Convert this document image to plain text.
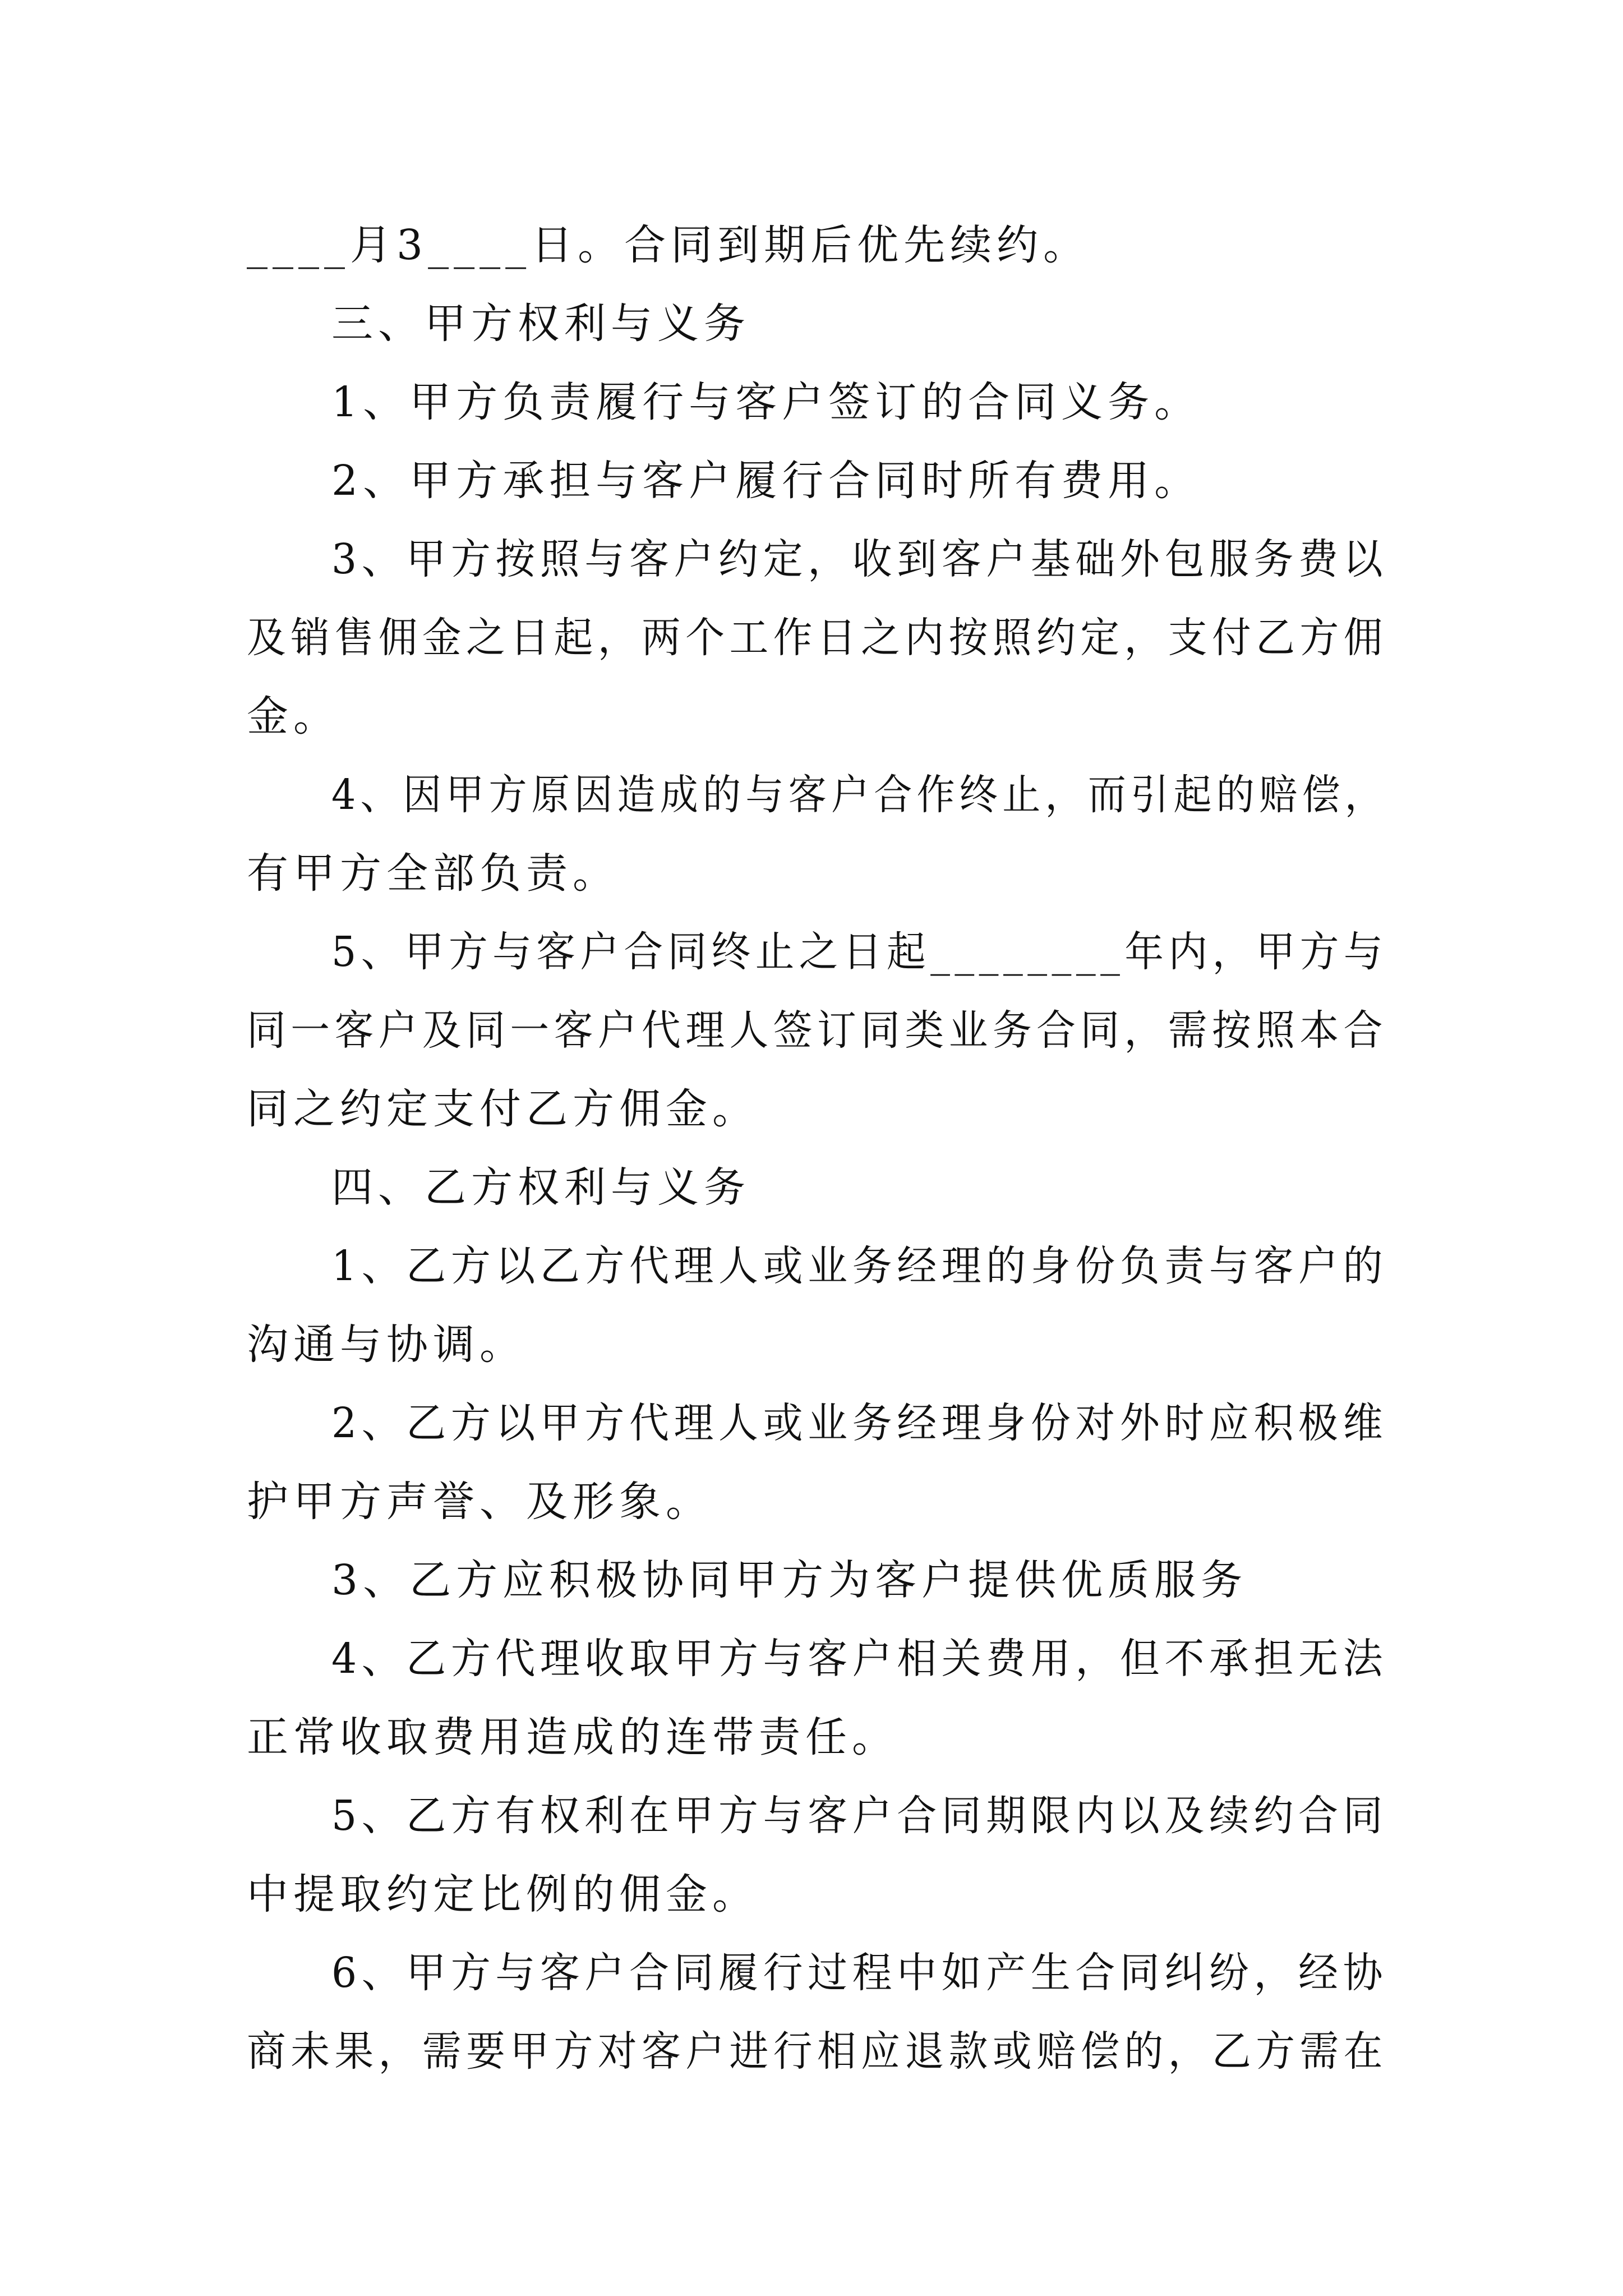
____月3____日。合同到期后优先续约。
三、甲方权利与义务
1、甲方负责履行与客户签订的合同义务。
2、甲方承担与客户履行合同时所有费用。
3、甲方按照与客户约定，收到客户基础外包服务费以
及销售佣金之日起，两个工作日之内按照约定，支付乙方佣
金。
4、因甲方原因造成的与客户合作终止，而引起的赔偿，
有甲方全部负责。
5、甲方与客户合同终止之日起________年内，甲方与
同一客户及同一客户代理人签订同类业务合同，需按照本合
同之约定支付乙方佣金。
四、乙方权利与义务
1、乙方以乙方代理人或业务经理的身份负责与客户的
沟通与协调。
2、乙方以甲方代理人或业务经理身份对外时应积极维
护甲方声誉、及形象。
3、乙方应积极协同甲方为客户提供优质服务
4、乙方代理收取甲方与客户相关费用，但不承担无法
正常收取费用造成的连带责任。
5、乙方有权利在甲方与客户合同期限内以及续约合同
中提取约定比例的佣金。
6、甲方与客户合同履行过程中如产生合同纠纷，经协
商未果，需要甲方对客户进行相应退款或赔偿的，乙方需在
